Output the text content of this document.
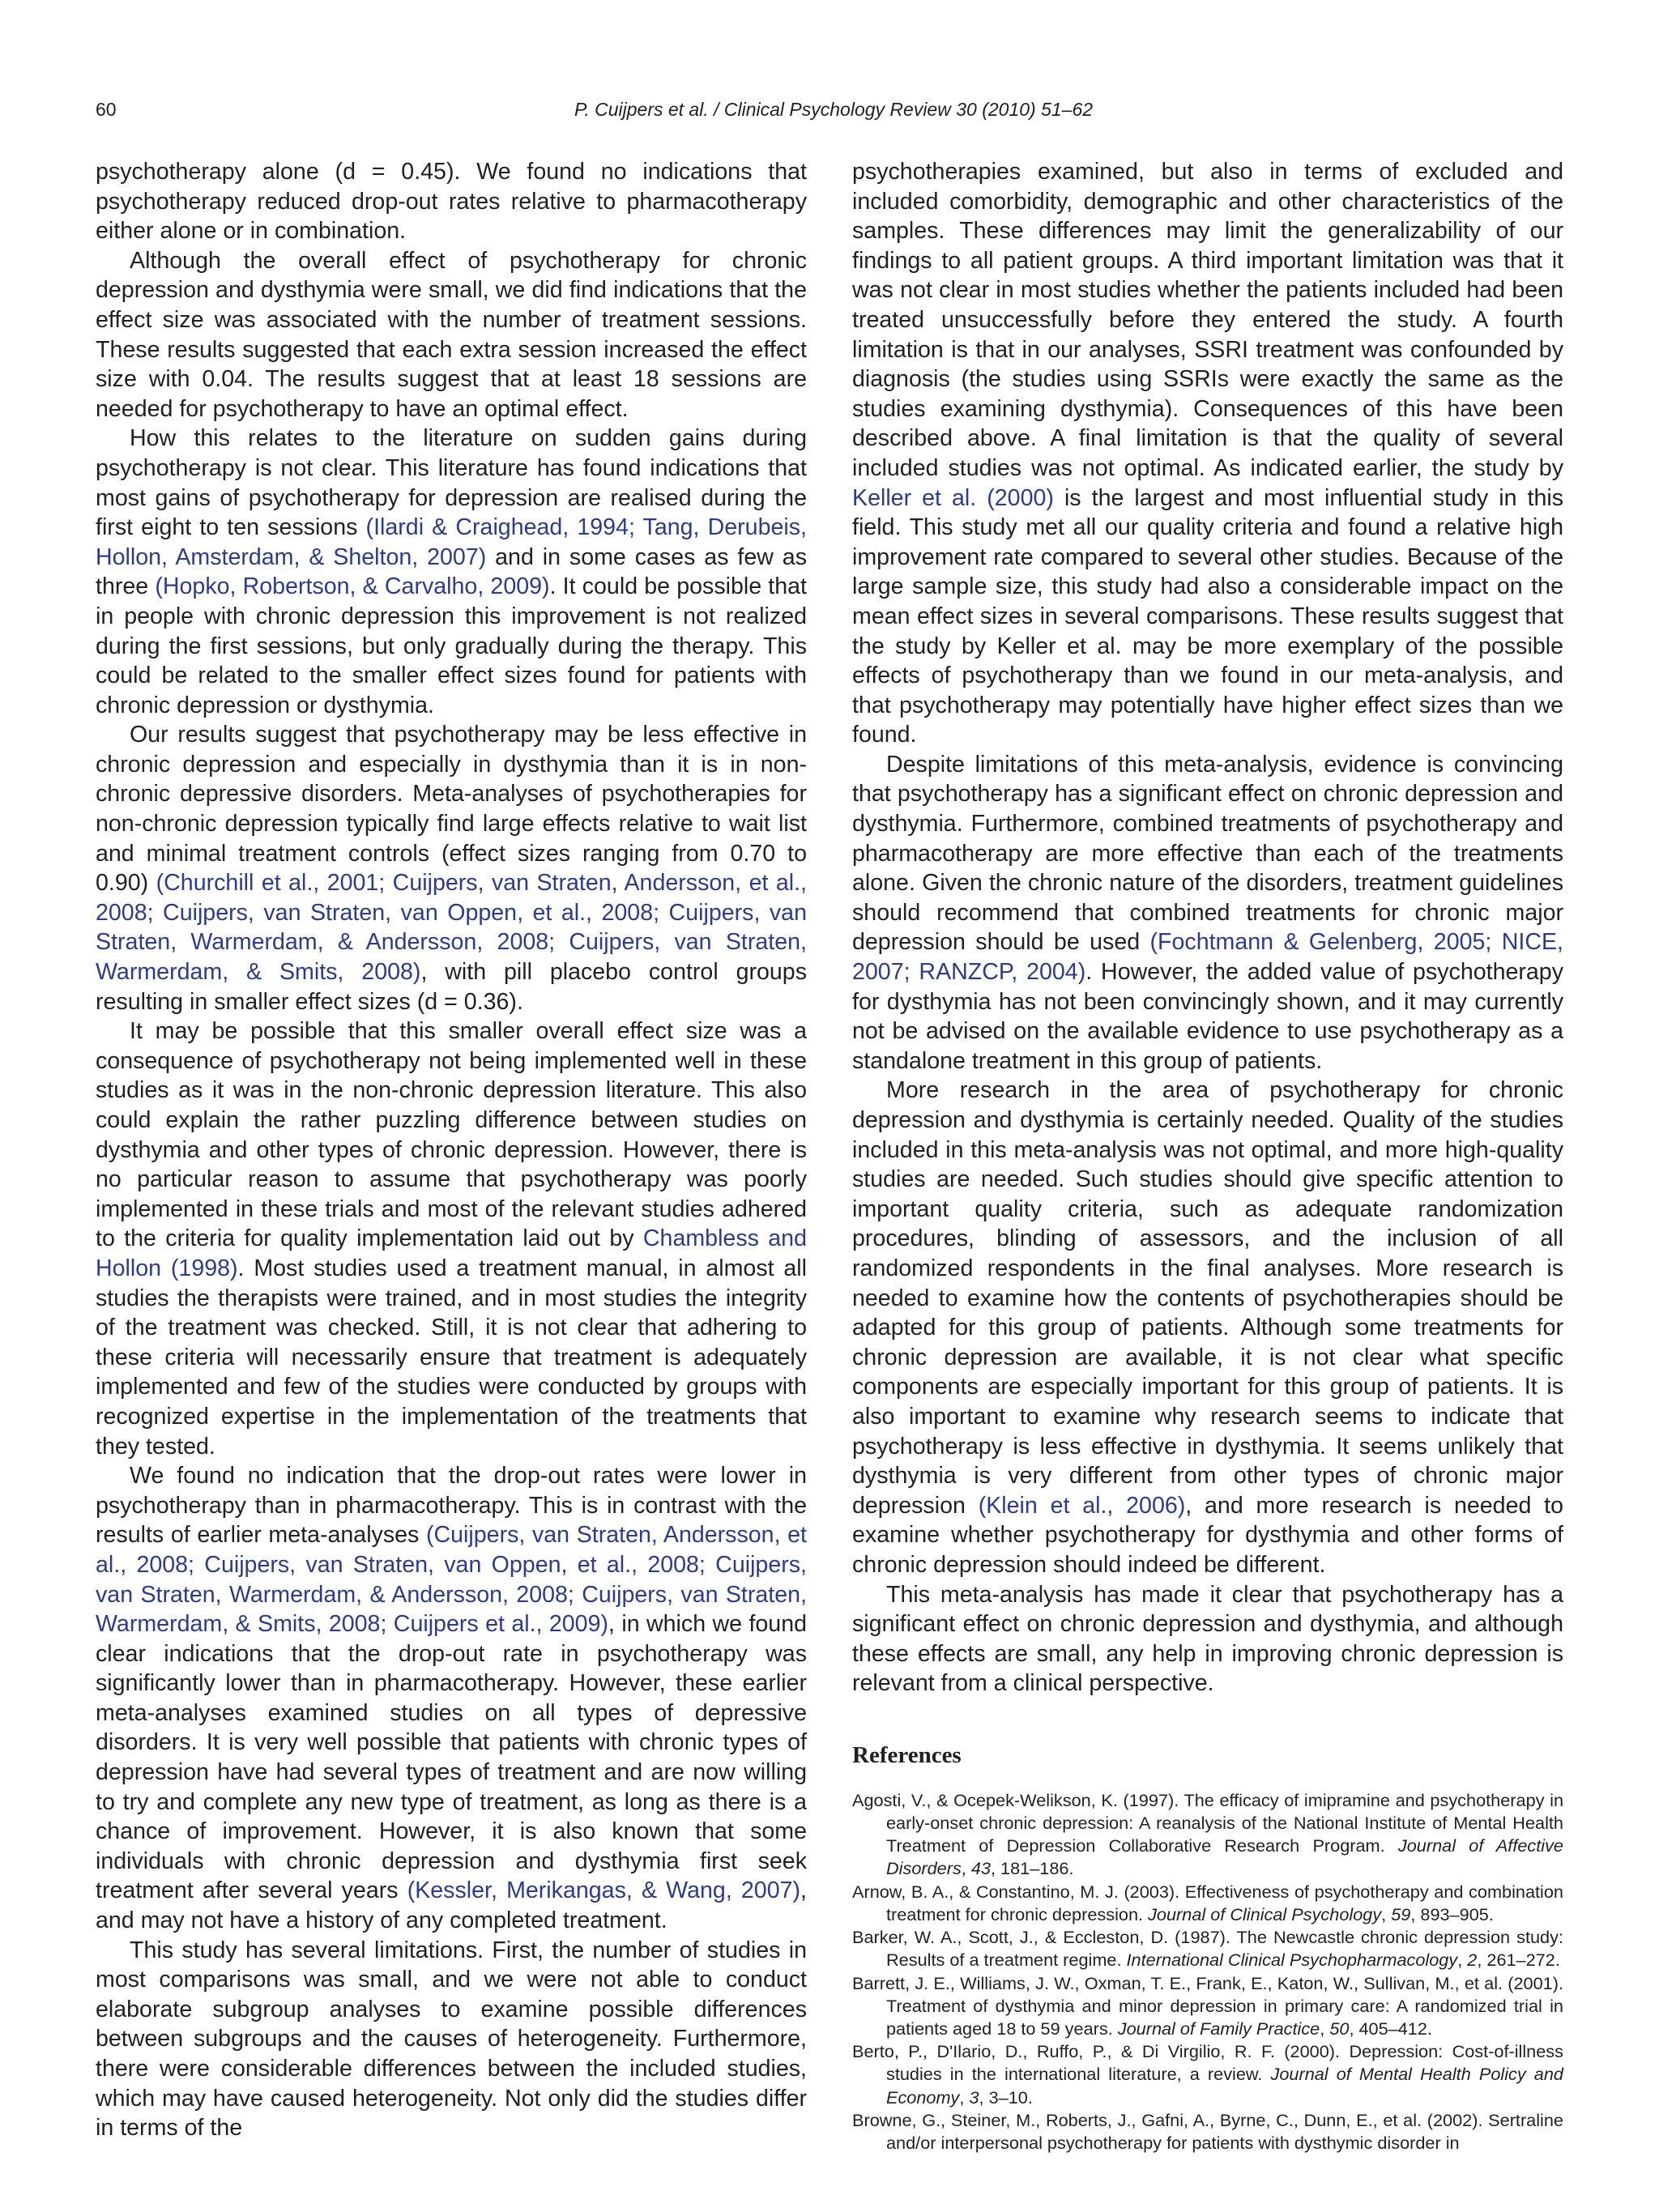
60	P. Cuijpers et al. / Clinical Psychology Review 30 (2010) 51–62

psychotherapy alone (d = 0.45). We found no indications that psychotherapy reduced drop-out rates relative to pharmacotherapy either alone or in combination.

Although the overall effect of psychotherapy for chronic depression and dysthymia were small, we did find indications that the effect size was associated with the number of treatment sessions. These results suggested that each extra session increased the effect size with 0.04. The results suggest that at least 18 sessions are needed for psychotherapy to have an optimal effect.

How this relates to the literature on sudden gains during psychotherapy is not clear. This literature has found indications that most gains of psychotherapy for depression are realised during the first eight to ten sessions (Ilardi & Craighead, 1994; Tang, Derubeis, Hollon, Amsterdam, & Shelton, 2007) and in some cases as few as three (Hopko, Robertson, & Carvalho, 2009). It could be possible that in people with chronic depression this improvement is not realized during the first sessions, but only gradually during the therapy. This could be related to the smaller effect sizes found for patients with chronic depression or dysthymia.

Our results suggest that psychotherapy may be less effective in chronic depression and especially in dysthymia than it is in non-chronic depressive disorders. Meta-analyses of psychotherapies for non-chronic depression typically find large effects relative to wait list and minimal treatment controls (effect sizes ranging from 0.70 to 0.90) (Churchill et al., 2001; Cuijpers, van Straten, Andersson, et al., 2008; Cuijpers, van Straten, van Oppen, et al., 2008; Cuijpers, van Straten, Warmerdam, & Andersson, 2008; Cuijpers, van Straten, Warmerdam, & Smits, 2008), with pill placebo control groups resulting in smaller effect sizes (d = 0.36).

It may be possible that this smaller overall effect size was a consequence of psychotherapy not being implemented well in these studies as it was in the non-chronic depression literature. This also could explain the rather puzzling difference between studies on dysthymia and other types of chronic depression. However, there is no particular reason to assume that psychotherapy was poorly implemented in these trials and most of the relevant studies adhered to the criteria for quality implementation laid out by Chambless and Hollon (1998). Most studies used a treatment manual, in almost all studies the therapists were trained, and in most studies the integrity of the treatment was checked. Still, it is not clear that adhering to these criteria will necessarily ensure that treatment is adequately implemented and few of the studies were conducted by groups with recognized expertise in the implementation of the treatments that they tested.

We found no indication that the drop-out rates were lower in psychotherapy than in pharmacotherapy. This is in contrast with the results of earlier meta-analyses (Cuijpers, van Straten, Andersson, et al., 2008; Cuijpers, van Straten, van Oppen, et al., 2008; Cuijpers, van Straten, Warmerdam, & Andersson, 2008; Cuijpers, van Straten, Warmerdam, & Smits, 2008; Cuijpers et al., 2009), in which we found clear indications that the drop-out rate in psychotherapy was significantly lower than in pharmacotherapy. However, these earlier meta-analyses examined studies on all types of depressive disorders. It is very well possible that patients with chronic types of depression have had several types of treatment and are now willing to try and complete any new type of treatment, as long as there is a chance of improvement. However, it is also known that some individuals with chronic depression and dysthymia first seek treatment after several years (Kessler, Merikangas, & Wang, 2007), and may not have a history of any completed treatment.

This study has several limitations. First, the number of studies in most comparisons was small, and we were not able to conduct elaborate subgroup analyses to examine possible differences between subgroups and the causes of heterogeneity. Furthermore, there were considerable differences between the included studies, which may have caused heterogeneity. Not only did the studies differ in terms of the

psychotherapies examined, but also in terms of excluded and included comorbidity, demographic and other characteristics of the samples. These differences may limit the generalizability of our findings to all patient groups. A third important limitation was that it was not clear in most studies whether the patients included had been treated unsuccessfully before they entered the study. A fourth limitation is that in our analyses, SSRI treatment was confounded by diagnosis (the studies using SSRIs were exactly the same as the studies examining dysthymia). Consequences of this have been described above. A final limitation is that the quality of several included studies was not optimal. As indicated earlier, the study by Keller et al. (2000) is the largest and most influential study in this field. This study met all our quality criteria and found a relative high improvement rate compared to several other studies. Because of the large sample size, this study had also a considerable impact on the mean effect sizes in several comparisons. These results suggest that the study by Keller et al. may be more exemplary of the possible effects of psychotherapy than we found in our meta-analysis, and that psychotherapy may potentially have higher effect sizes than we found.

Despite limitations of this meta-analysis, evidence is convincing that psychotherapy has a significant effect on chronic depression and dysthymia. Furthermore, combined treatments of psychotherapy and pharmacotherapy are more effective than each of the treatments alone. Given the chronic nature of the disorders, treatment guidelines should recommend that combined treatments for chronic major depression should be used (Fochtmann & Gelenberg, 2005; NICE, 2007; RANZCP, 2004). However, the added value of psychotherapy for dysthymia has not been convincingly shown, and it may currently not be advised on the available evidence to use psychotherapy as a standalone treatment in this group of patients.

More research in the area of psychotherapy for chronic depression and dysthymia is certainly needed. Quality of the studies included in this meta-analysis was not optimal, and more high-quality studies are needed. Such studies should give specific attention to important quality criteria, such as adequate randomization procedures, blinding of assessors, and the inclusion of all randomized respondents in the final analyses. More research is needed to examine how the contents of psychotherapies should be adapted for this group of patients. Although some treatments for chronic depression are available, it is not clear what specific components are especially important for this group of patients. It is also important to examine why research seems to indicate that psychotherapy is less effective in dysthymia. It seems unlikely that dysthymia is very different from other types of chronic major depression (Klein et al., 2006), and more research is needed to examine whether psychotherapy for dysthymia and other forms of chronic depression should indeed be different.

This meta-analysis has made it clear that psychotherapy has a significant effect on chronic depression and dysthymia, and although these effects are small, any help in improving chronic depression is relevant from a clinical perspective.

References

Agosti, V., & Ocepek-Welikson, K. (1997). The efficacy of imipramine and psychotherapy in early-onset chronic depression: A reanalysis of the National Institute of Mental Health Treatment of Depression Collaborative Research Program. Journal of Affective Disorders, 43, 181–186.

Arnow, B. A., & Constantino, M. J. (2003). Effectiveness of psychotherapy and combination treatment for chronic depression. Journal of Clinical Psychology, 59, 893–905.

Barker, W. A., Scott, J., & Eccleston, D. (1987). The Newcastle chronic depression study: Results of a treatment regime. International Clinical Psychopharmacology, 2, 261–272.

Barrett, J. E., Williams, J. W., Oxman, T. E., Frank, E., Katon, W., Sullivan, M., et al. (2001). Treatment of dysthymia and minor depression in primary care: A randomized trial in patients aged 18 to 59 years. Journal of Family Practice, 50, 405–412.

Berto, P., D'Ilario, D., Ruffo, P., & Di Virgilio, R. F. (2000). Depression: Cost-of-illness studies in the international literature, a review. Journal of Mental Health Policy and Economy, 3, 3–10.

Browne, G., Steiner, M., Roberts, J., Gafni, A., Byrne, C., Dunn, E., et al. (2002). Sertraline and/or interpersonal psychotherapy for patients with dysthymic disorder in
